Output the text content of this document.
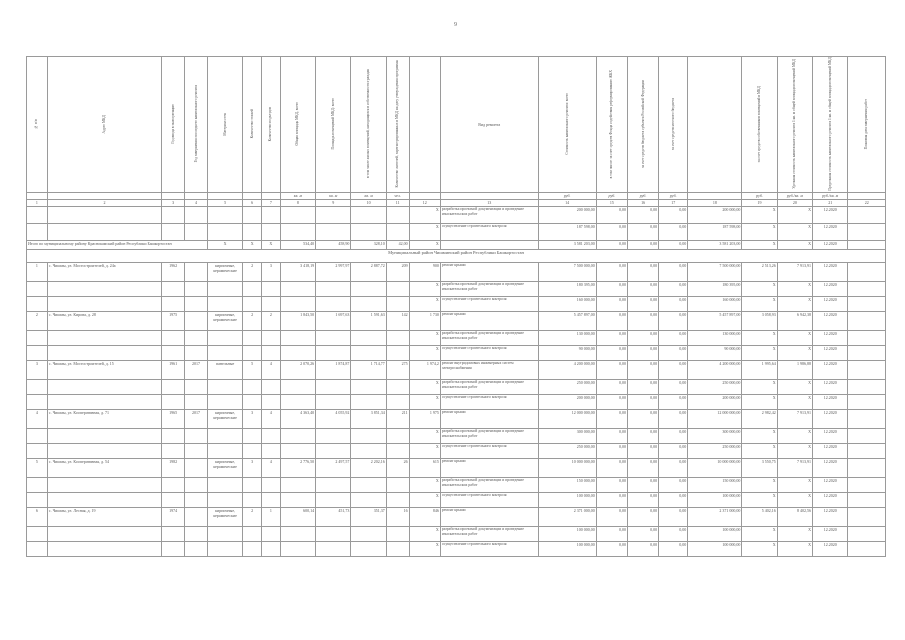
9
№ п/п	Адрес МКД	Год ввода в эксплуатацию	Год завершения последнего капитального ремонта	Материал стен	Количество этажей	Количество подъездов	Общая площадь МКД, всего	Площадь помещений МКД: всего	в том числе жилых помещений, находящихся в собственности граждан	Количество жителей, зарегистрированных в МКД на дату утверждения программы		Вид ремонта	Стоимость капитального ремонта: всего	в том числе: за счет средств Фонда содействия реформированию ЖКХ	за счет средств бюджета субъекта Российской Федерации	за счет средств местного бюджета		за счет средств собственников помещений в МКД	Удельная стоимость капитального ремонта 1 кв. м общей площади помещений МКД	Предельная стоимость капитального ремонта 1 кв. м общей площади помещений МКД	Плановая дата завершения работ
							кв. м	кв. м	кв. м	чел.			руб.	руб.	руб.	руб.		руб.	руб./кв. м	руб./кв. м	
1	2	3	4	5	6	7	8	9	10	11	12	13	14	15	16	17	18	19	20	21	22
											X	разработка проектной документации и проведение изыскательских работ	200 000,00	0,00	0,00	0,00	200 000,00	X	X	12.2020	
											X	осуществление строительного контроля	187 598,00	0,00	0,00	0,00	187 598,00	X	X	12.2020	
Итого по муниципальному району Краснокамский район Республики Башкортостан				X	X	X	534,40	458,90	328,10	42,00	X		3 581 203,00	0,00	0,00	0,00	3 581 203,00	X	X	12.2020	
Муниципальный район Чишминский район Республики Башкортостан																					
1	с. Чишмы, ул. Мостостроителей, д. 24а	1962		кирпичные, керамические	2	3	3 418,19	2 997,97	2 887,72	209	900	ремонт крыши	7 500 000,00	0,00	0,00	0,00	7 500 000,00	2 513,26	7 913,91	12.2020	
											X	разработка проектной документации и проведение изыскательских работ	180 395,00	0,00	0,00	0,00	180 395,00	X	X	12.2020	
											X	осуществление строительного контроля	160 000,00	0,00	0,00	0,00	160 000,00	X	X	12.2020	
2	с. Чишмы, ул. Кирова, д. 28	1975		кирпичные, керамические	2	2	1 843,50	1 697,63	1 591,63	142	1 730	ремонт крыши	5 457 897,00	0,00	0,00	0,00	5 457 897,00	3 058,93	6 942,38	12.2020	
											X	разработка проектной документации и проведение изыскательских работ	130 000,00	0,00	0,00	0,00	130 000,00	X	X	12.2020	
											X	осуществление строительного контроля	90 000,00	0,00	0,00	0,00	90 000,00	X	X	12.2020	
3	с. Чишмы, ул. Мостостроителей, д. 15	1961	2017	панельные	5	4	2 070,26	1 874,87	1 714,77	275	1 974,2	ремонт внутридомовых инженерных систем электроснабжения	4 200 000,00	0,00	0,00	0,00	4 200 000,00	1 995,64	1 986,88	12.2020	
											X	разработка проектной документации и проведение изыскательских работ	250 000,00	0,00	0,00	0,00	250 000,00	X	X	12.2020	
											X	осуществление строительного контроля	200 000,00	0,00	0,00	0,00	200 000,00	X	X	12.2020	
4	с. Чишмы, ул. Кооперативная, д. 71	1965	2017	кирпичные, керамические	3	4	4 363,40	4 055,92	3 851,34	211	1 975	ремонт крыши	12 000 000,00	0,00	0,00	0,00	12 000 000,00	2 982,42	7 913,91	12.2020	
											X	разработка проектной документации и проведение изыскательских работ	300 000,00	0,00	0,00	0,00	300 000,00	X	X	12.2020	
											X	осуществление строительного контроля	250 000,00	0,00	0,00	0,00	250 000,00	X	X	12.2020	
5	с. Чишмы, ул. Кооперативная, д. 54	1982		кирпичные, керамические	3	4	2 776,50	2 497,57	2 202,16	26	615	ремонт крыши	10 000 000,00	0,00	0,00	0,00	10 000 000,00	3 550,75	7 913,91	12.2020	
											X	разработка проектной документации и проведение изыскательских работ	150 000,00	0,00	0,00	0,00	150 000,00	X	X	12.2020	
											X	осуществление строительного контроля	100 000,00	0,00	0,00	0,00	100 000,00	X	X	12.2020	
6	с. Чишмы, ул. Лесная, д. 19	1974		кирпичные, керамические	2	1	600,14	451,73	351,37	16	846	ремонт крыши	2 371 000,00	0,00	0,00	0,00	2 371 000,00	5 402,16	8 402,56	12.2020	
											X	разработка проектной документации и проведение изыскательских работ	100 000,00	0,00	0,00	0,00	100 000,00	X	X	12.2020	
											X	осуществление строительного контроля	100 000,00	0,00	0,00	0,00	100 000,00	X	X	12.2020	
